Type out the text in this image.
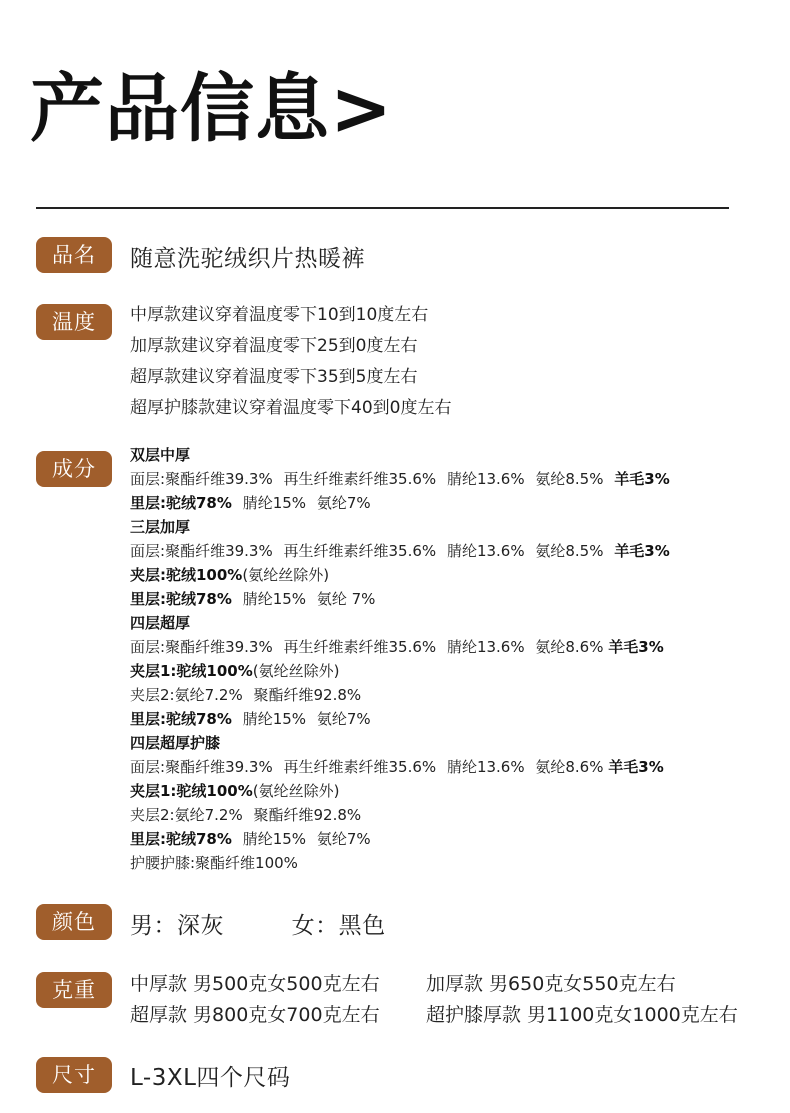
产品信息>
品名	随意洗驼绒织片热暖裤
温度	中厚款建议穿着温度零下10到10度左右
加厚款建议穿着温度零下25到0度左右
超厚款建议穿着温度零下35到5度左右
超厚护膝款建议穿着温度零下40到0度左右
成分
双层中厚
面层:聚酯纤维39.3% 再生纤维素纤维35.6% 腈纶13.6% 氨纶8.5% 羊毛3%
里层:驼绒78% 腈纶15% 氨纶7%
三层加厚
面层:聚酯纤维39.3% 再生纤维素纤维35.6% 腈纶13.6% 氨纶8.5% 羊毛3%
夹层:驼绒100%(氨纶丝除外)
里层:驼绒78% 腈纶15% 氨纶 7%
四层超厚
面层:聚酯纤维39.3% 再生纤维素纤维35.6% 腈纶13.6% 氨纶8.6% 羊毛3%
夹层1:驼绒100%(氨纶丝除外)
夹层2:氨纶7.2% 聚酯纤维92.8%
里层:驼绒78% 腈纶15% 氨纶7%
四层超厚护膝
面层:聚酯纤维39.3% 再生纤维素纤维35.6% 腈纶13.6% 氨纶8.6% 羊毛3%
夹层1:驼绒100%(氨纶丝除外)
夹层2:氨纶7.2% 聚酯纤维92.8%
里层:驼绒78% 腈纶15% 氨纶7%
护腰护膝:聚酯纤维100%
颜色	男：深灰	女：黑色
克重	中厚款 男500克女500克左右 加厚款 男650克女550克左右
超厚款 男800克女700克左右 超护膝厚款 男1100克女1000克左右
尺寸	L-3XL四个尺码
